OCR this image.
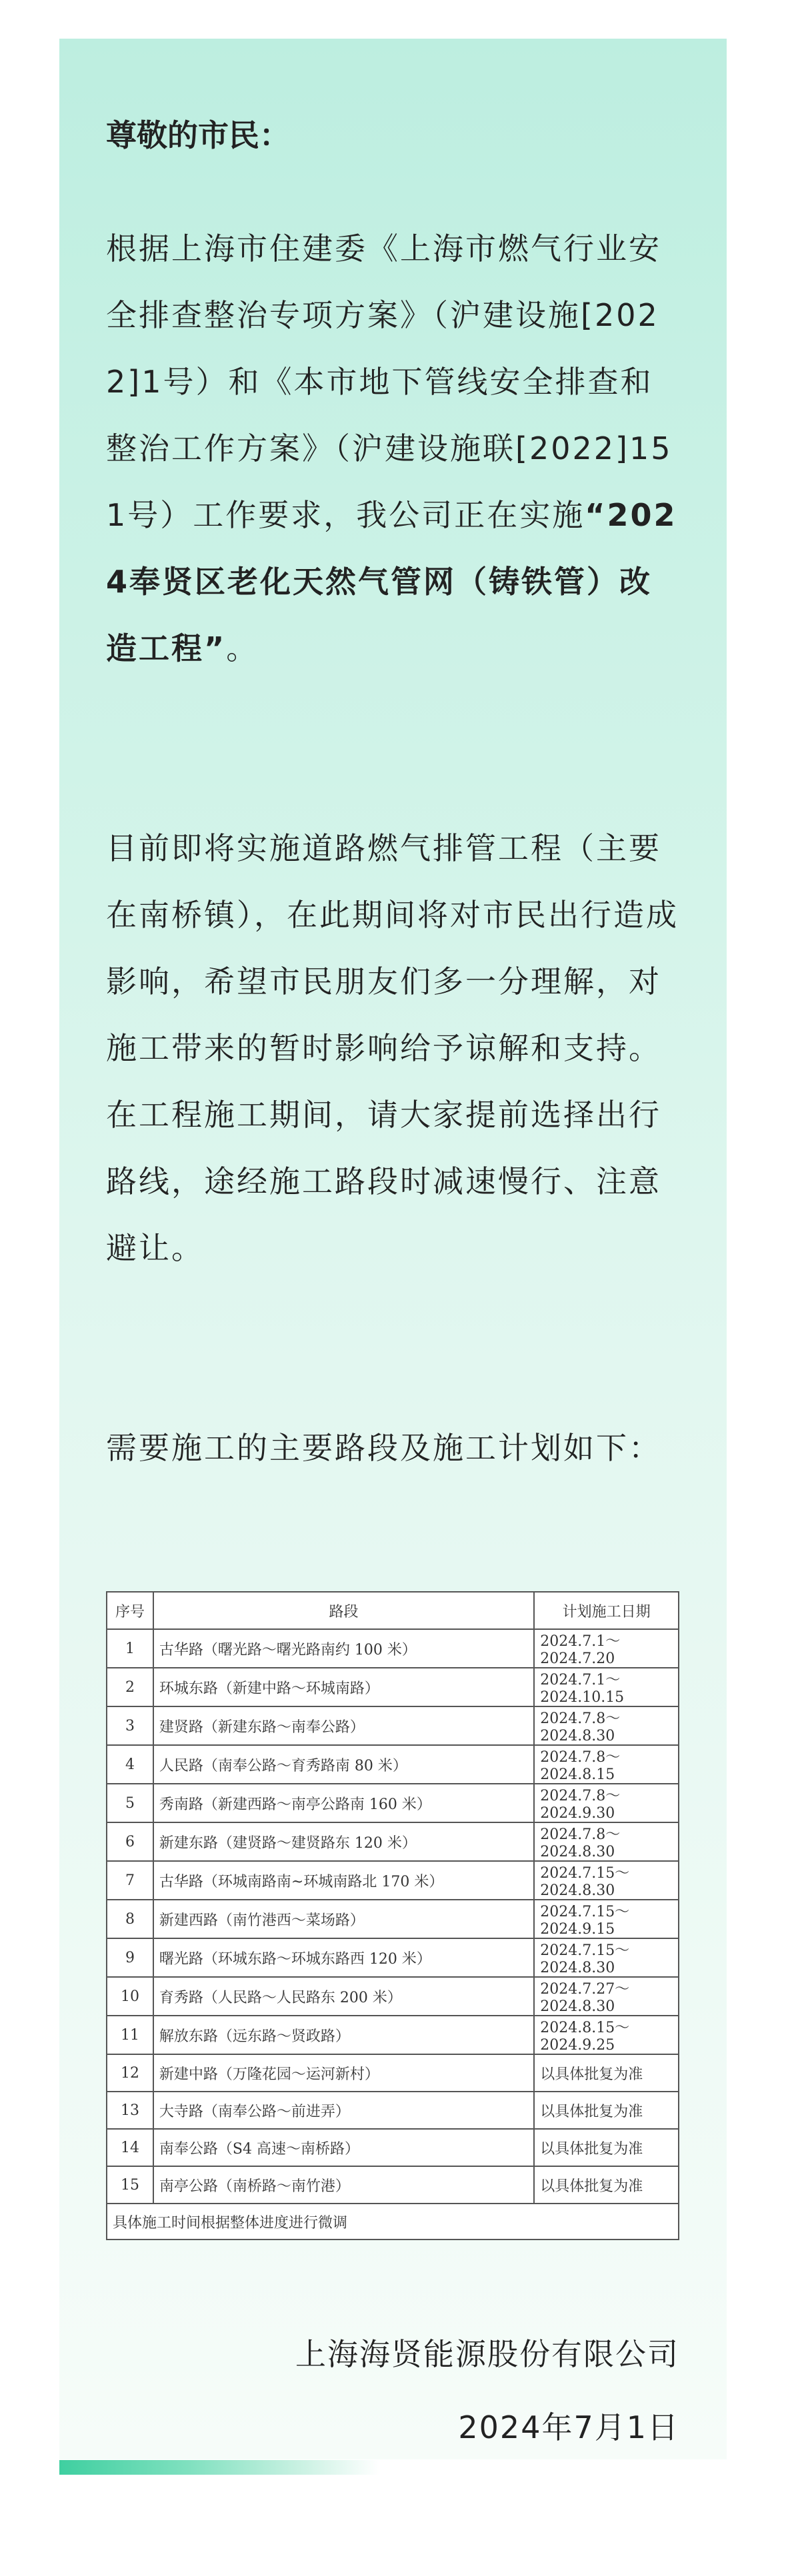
尊敬的市民：
根据上海市住建委《上海市燃气行业安全排查整治专项方案》（沪建设施[2022]1号）和《本市地下管线安全排查和整治工作方案》（沪建设施联[2022]151号）工作要求，我公司正在实施“2024奉贤区老化天然气管网（铸铁管）改造工程”。
目前即将实施道路燃气排管工程（主要在南桥镇），在此期间将对市民出行造成影响，希望市民朋友们多一分理解，对施工带来的暂时影响给予谅解和支持。在工程施工期间，请大家提前选择出行路线，途经施工路段时减速慢行、注意避让。
需要施工的主要路段及施工计划如下：
序号	路段	计划施工日期
1	古华路（曙光路～曙光路南约 100 米）	2024.7.1～2024.7.20
2	环城东路（新建中路～环城南路）	2024.7.1～2024.10.15
3	建贤路（新建东路～南奉公路）	2024.7.8～2024.8.30
4	人民路（南奉公路～育秀路南 80 米）	2024.7.8～2024.8.15
5	秀南路（新建西路～南亭公路南 160 米）	2024.7.8～2024.9.30
6	新建东路（建贤路～建贤路东 120 米）	2024.7.8～2024.8.30
7	古华路（环城南路南~环城南路北 170 米）	2024.7.15～2024.8.30
8	新建西路（南竹港西～菜场路）	2024.7.15～2024.9.15
9	曙光路（环城东路～环城东路西 120 米）	2024.7.15～2024.8.30
10	育秀路（人民路～人民路东 200 米）	2024.7.27～2024.8.30
11	解放东路（远东路～贤政路）	2024.8.15～2024.9.25
12	新建中路（万隆花园～运河新村）	以具体批复为准
13	大寺路（南奉公路～前进弄）	以具体批复为准
14	南奉公路（S4 高速～南桥路）	以具体批复为准
15	南亭公路（南桥路～南竹港）	以具体批复为准
具体施工时间根据整体进度进行微调		
上海海贤能源股份有限公司
2024年7月1日
